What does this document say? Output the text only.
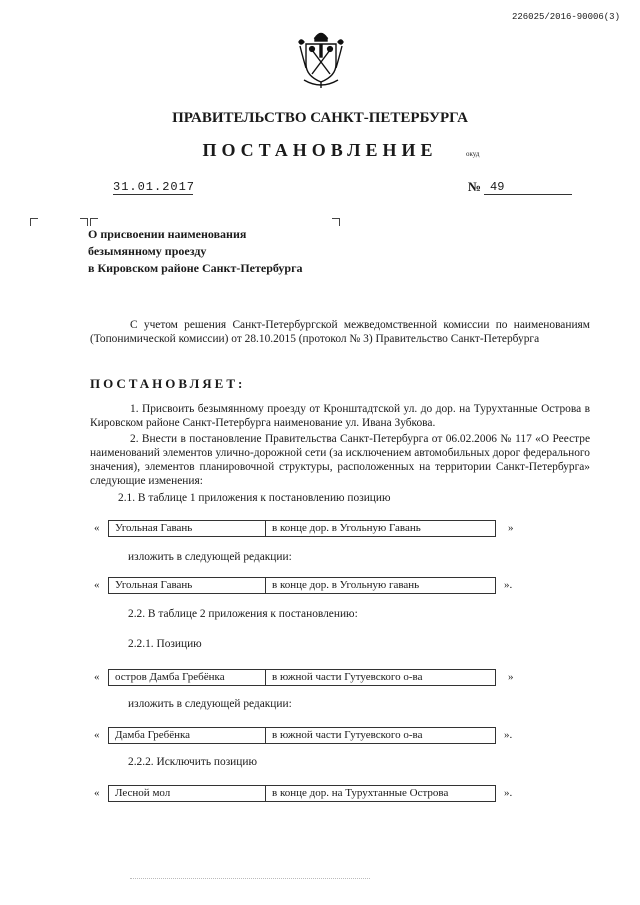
226025/2016-90006(3)
ПРАВИТЕЛЬСТВО САНКТ-ПЕТЕРБУРГА
ПОСТАНОВЛЕНИЕ	окуд
31.01.2017	№ 49
О присвоении наименования
безымянному проезду
в Кировском районе Санкт-Петербурга
С учетом решения Санкт-Петербургской межведомственной комиссии по наименованиям (Топонимической комиссии) от 28.10.2015 (протокол № 3) Правительство Санкт-Петербурга
ПОСТАНОВЛЯЕТ:
1. Присвоить безымянному проезду от Кронштадтской ул. до дор. на Турухтанные Острова в Кировском районе Санкт-Петербурга наименование ул. Ивана Зубкова.
2. Внести в постановление Правительства Санкт-Петербурга от 06.02.2006 № 117 «О Реестре наименований элементов улично-дорожной сети (за исключением автомобильных дорог федерального значения), элементов планировочной структуры, расположенных на территории Санкт-Петербурга» следующие изменения:
2.1. В таблице 1 приложения к постановлению позицию
«	Угольная Гавань	в конце дор. в Угольную Гавань	»
изложить в следующей редакции:
«	Угольная Гавань	в конце дор. в Угольную гавань	».
2.2. В таблице 2 приложения к постановлению:
2.2.1. Позицию
«	остров Дамба Гребёнка	в южной части Гутуевского о-ва	»
изложить в следующей редакции:
«	Дамба Гребёнка	в южной части Гутуевского о-ва	».
2.2.2. Исключить позицию
«	Лесной мол	в конце дор. на Турухтанные Острова	».
